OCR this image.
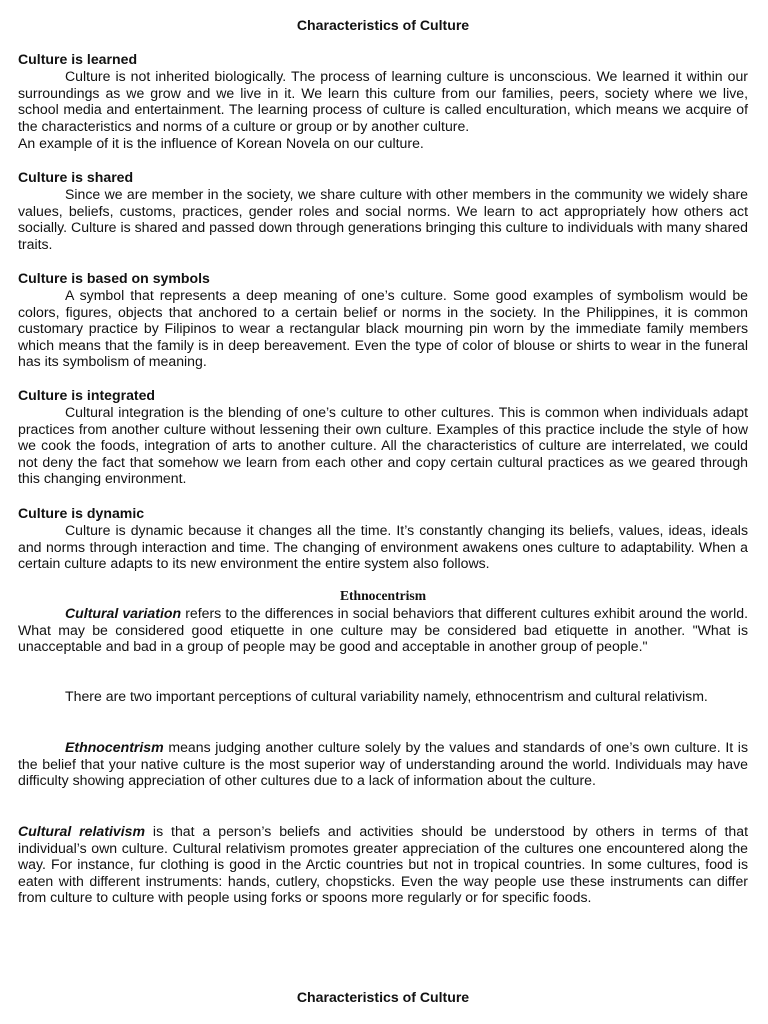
Characteristics of Culture
Culture is learned
Culture is not inherited biologically. The process of learning culture is unconscious. We learned it within our surroundings as we grow and we live in it. We learn this culture from our families, peers, society where we live, school media and entertainment. The learning process of culture is called enculturation, which means we acquire of the characteristics and norms of a culture or group or by another culture.
An example of it is the influence of Korean Novela on our culture.
Culture is shared
Since we are member in the society, we share culture with other members in the community we widely share values, beliefs, customs, practices, gender roles and social norms. We learn to act appropriately how others act socially. Culture is shared and passed down through generations bringing this culture to individuals with many shared traits.
Culture is based on symbols
A symbol that represents a deep meaning of one’s culture. Some good examples of symbolism would be colors, figures, objects that anchored to a certain belief or norms in the society. In the Philippines, it is common customary practice by Filipinos to wear a rectangular black mourning pin worn by the immediate family members which means that the family is in deep bereavement. Even the type of color of blouse or shirts to wear in the funeral has its symbolism of meaning.
Culture is integrated
Cultural integration is the blending of one’s culture to other cultures. This is common when individuals adapt practices from another culture without lessening their own culture. Examples of this practice include the style of how we cook the foods, integration of arts to another culture. All the characteristics of culture are interrelated, we could not deny the fact that somehow we learn from each other and copy certain cultural practices as we geared through this changing environment.
Culture is dynamic
Culture is dynamic because it changes all the time. It’s constantly changing its beliefs, values, ideas, ideals and norms through interaction and time. The changing of environment awakens ones culture to adaptability. When a certain culture adapts to its new environment the entire system also follows.
Ethnocentrism
Cultural variation refers to the differences in social behaviors that different cultures exhibit around the world. What may be considered good etiquette in one culture may be considered bad etiquette in another. "What is unacceptable and bad in a group of people may be good and acceptable in another group of people."
There are two important perceptions of cultural variability namely, ethnocentrism and cultural relativism.
Ethnocentrism means judging another culture solely by the values and standards of one’s own culture. It is the belief that your native culture is the most superior way of understanding around the world. Individuals may have difficulty showing appreciation of other cultures due to a lack of information about the culture.
Cultural relativism is that a person’s beliefs and activities should be understood by others in terms of that individual’s own culture. Cultural relativism promotes greater appreciation of the cultures one encountered along the way. For instance, fur clothing is good in the Arctic countries but not in tropical countries. In some cultures, food is eaten with different instruments: hands, cutlery, chopsticks. Even the way people use these instruments can differ from culture to culture with people using forks or spoons more regularly or for specific foods.
Characteristics of Culture
